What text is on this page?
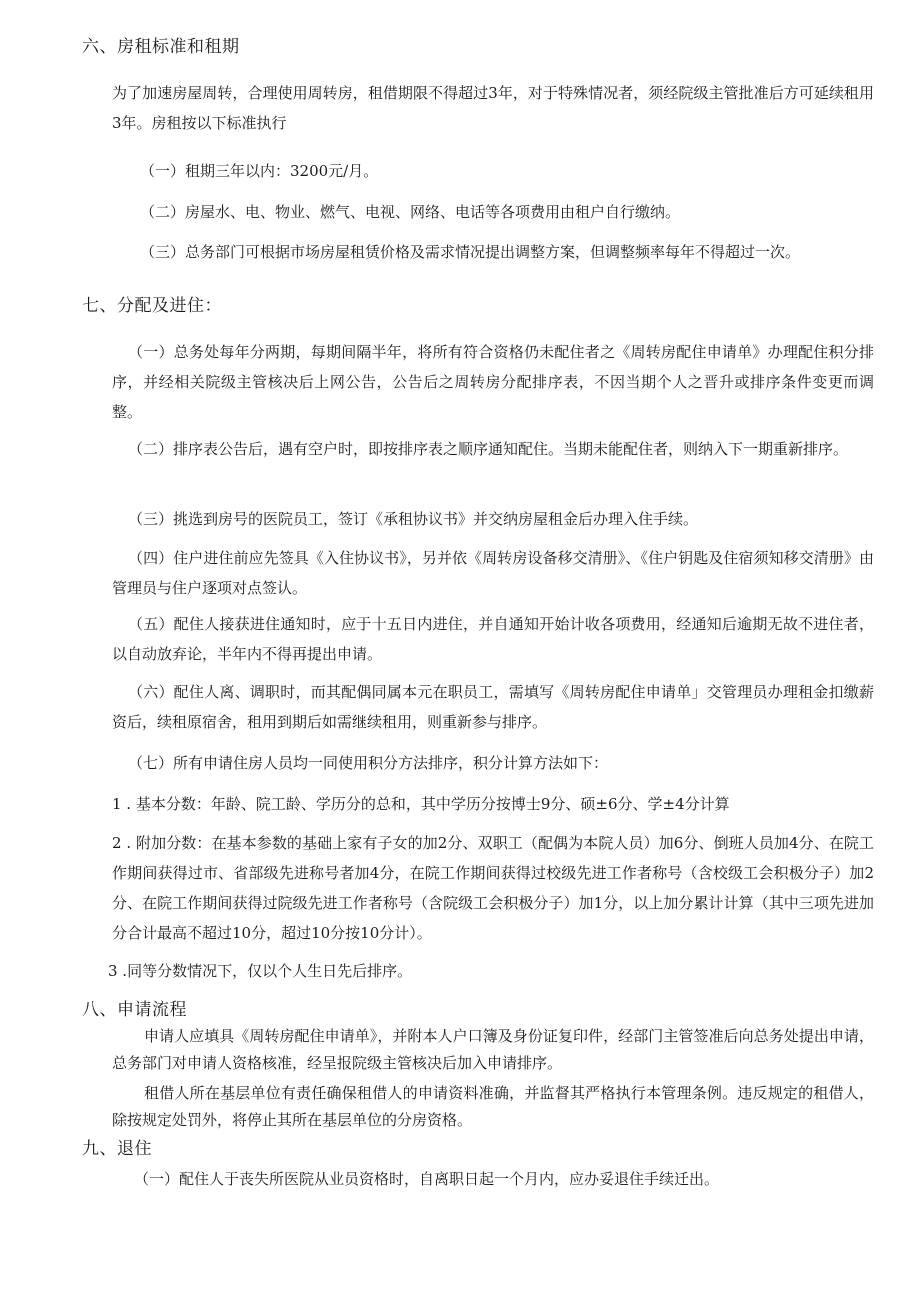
六、房租标准和租期
为了加速房屋周转，合理使用周转房，租借期限不得超过3年，对于特殊情况者，须经院级主管批准后方可延续租用3年。房租按以下标准执行
（一）租期三年以内：3200元/月。
（二）房屋水、电、物业、燃气、电视、网络、电话等各项费用由租户自行缴纳。
（三）总务部门可根据市场房屋租赁价格及需求情况提出调整方案，但调整频率每年不得超过一次。
七、分配及进住：
（一）总务处每年分两期，每期间隔半年，将所有符合资格仍未配住者之《周转房配住申请单》办理配住积分排序，并经相关院级主管核决后上网公告，公告后之周转房分配排序表，不因当期个人之晋升或排序条件变更而调整。
（二）排序表公告后，遇有空户时，即按排序表之顺序通知配住。当期未能配住者，则纳入下一期重新排序。
（三）挑选到房号的医院员工，签订《承租协议书》并交纳房屋租金后办理入住手续。
（四）住户进住前应先签具《入住协议书》，另并依《周转房设备移交清册》、《住户钥匙及住宿须知移交清册》由管理员与住户逐项对点签认。
（五）配住人接获进住通知时，应于十五日内进住，并自通知开始计收各项费用，经通知后逾期无故不进住者，以自动放弃论，半年内不得再提出申请。
（六）配住人离、调职时，而其配偶同属本元在职员工，需填写《周转房配住申请单」交管理员办理租金扣缴薪资后，续租原宿舍，租用到期后如需继续租用，则重新参与排序。
（七）所有申请住房人员均一同使用积分方法排序，积分计算方法如下：
1 . 基本分数：年龄、院工龄、学历分的总和，其中学历分按博士9分、硕±6分、学±4分计算
2 . 附加分数：在基本参数的基础上家有子女的加2分、双职工（配偶为本院人员）加6分、倒班人员加4分、在院工作期间获得过市、省部级先进称号者加4分，在院工作期间获得过校级先进工作者称号（含校级工会积极分子）加2分、在院工作期间获得过院级先进工作者称号（含院级工会积极分子）加1分，以上加分累计计算（其中三项先进加分合计最高不超过10分，超过10分按10分计）。
3 .同等分数情况下，仅以个人生日先后排序。
八、申请流程
申请人应填具《周转房配住申请单》，并附本人户口簿及身份证复印件，经部门主管签准后向总务处提出申请，总务部门对申请人资格核准，经呈报院级主管核决后加入申请排序。
租借人所在基层单位有责任确保租借人的申请资料准确，并监督其严格执行本管理条例。违反规定的租借人，除按规定处罚外，将停止其所在基层单位的分房资格。
九、退住
（一）配住人于丧失所医院从业员资格时，自离职日起一个月内，应办妥退住手续迁出。
